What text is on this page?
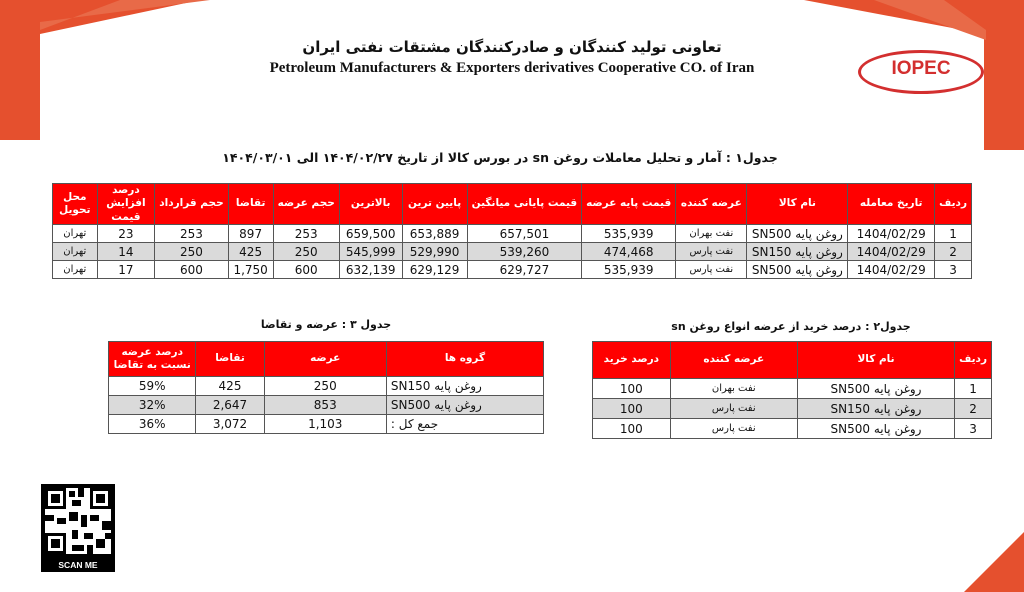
تعاونی تولید کنندگان و صادرکنندگان مشتقات نفتی ایران
Petroleum Manufacturers & Exporters derivatives Cooperative CO. of Iran	IOPEC
جدول۱ : آمار و تحلیل معاملات روغن sn در بورس کالا از تاریخ ۱۴۰۴/۰۲/۲۷ الی ۱۴۰۴/۰۳/۰۱
ردیف	تاریخ معامله	نام کالا	عرضه کننده	قیمت پایه عرضه	قیمت پایانی میانگین	پایین ترین	بالاترین	حجم عرضه	تقاضا	حجم قرارداد	درصد افزایش قیمت	محل تحویل
1	1404/02/29	روغن پایه SN500	نفت بهران	535,939	657,501	653,889	659,500	253	897	253	23	تهران
2	1404/02/29	روغن پایه SN150	نفت پارس	474,468	539,260	529,990	545,999	250	425	250	14	تهران
3	1404/02/29	روغن پایه SN500	نفت پارس	535,939	629,727	629,129	632,139	600	1,750	600	17	تهران
جدول۲ : درصد خرید از عرضه انواع روغن sn
ردیف	نام کالا	عرضه کننده	درصد خرید
1	روغن پایه SN500	نفت بهران	100
2	روغن پایه SN150	نفت پارس	100
3	روغن پایه SN500	نفت پارس	100
جدول ۳ : عرضه و تقاضا
گروه ها	عرضه	تقاضا	درصد عرضه نسبت به تقاضا
روغن پایه SN150	250	425	59%
روغن پایه SN500	853	2,647	32%
جمع کل :	1,103	3,072	36%
SCAN ME
